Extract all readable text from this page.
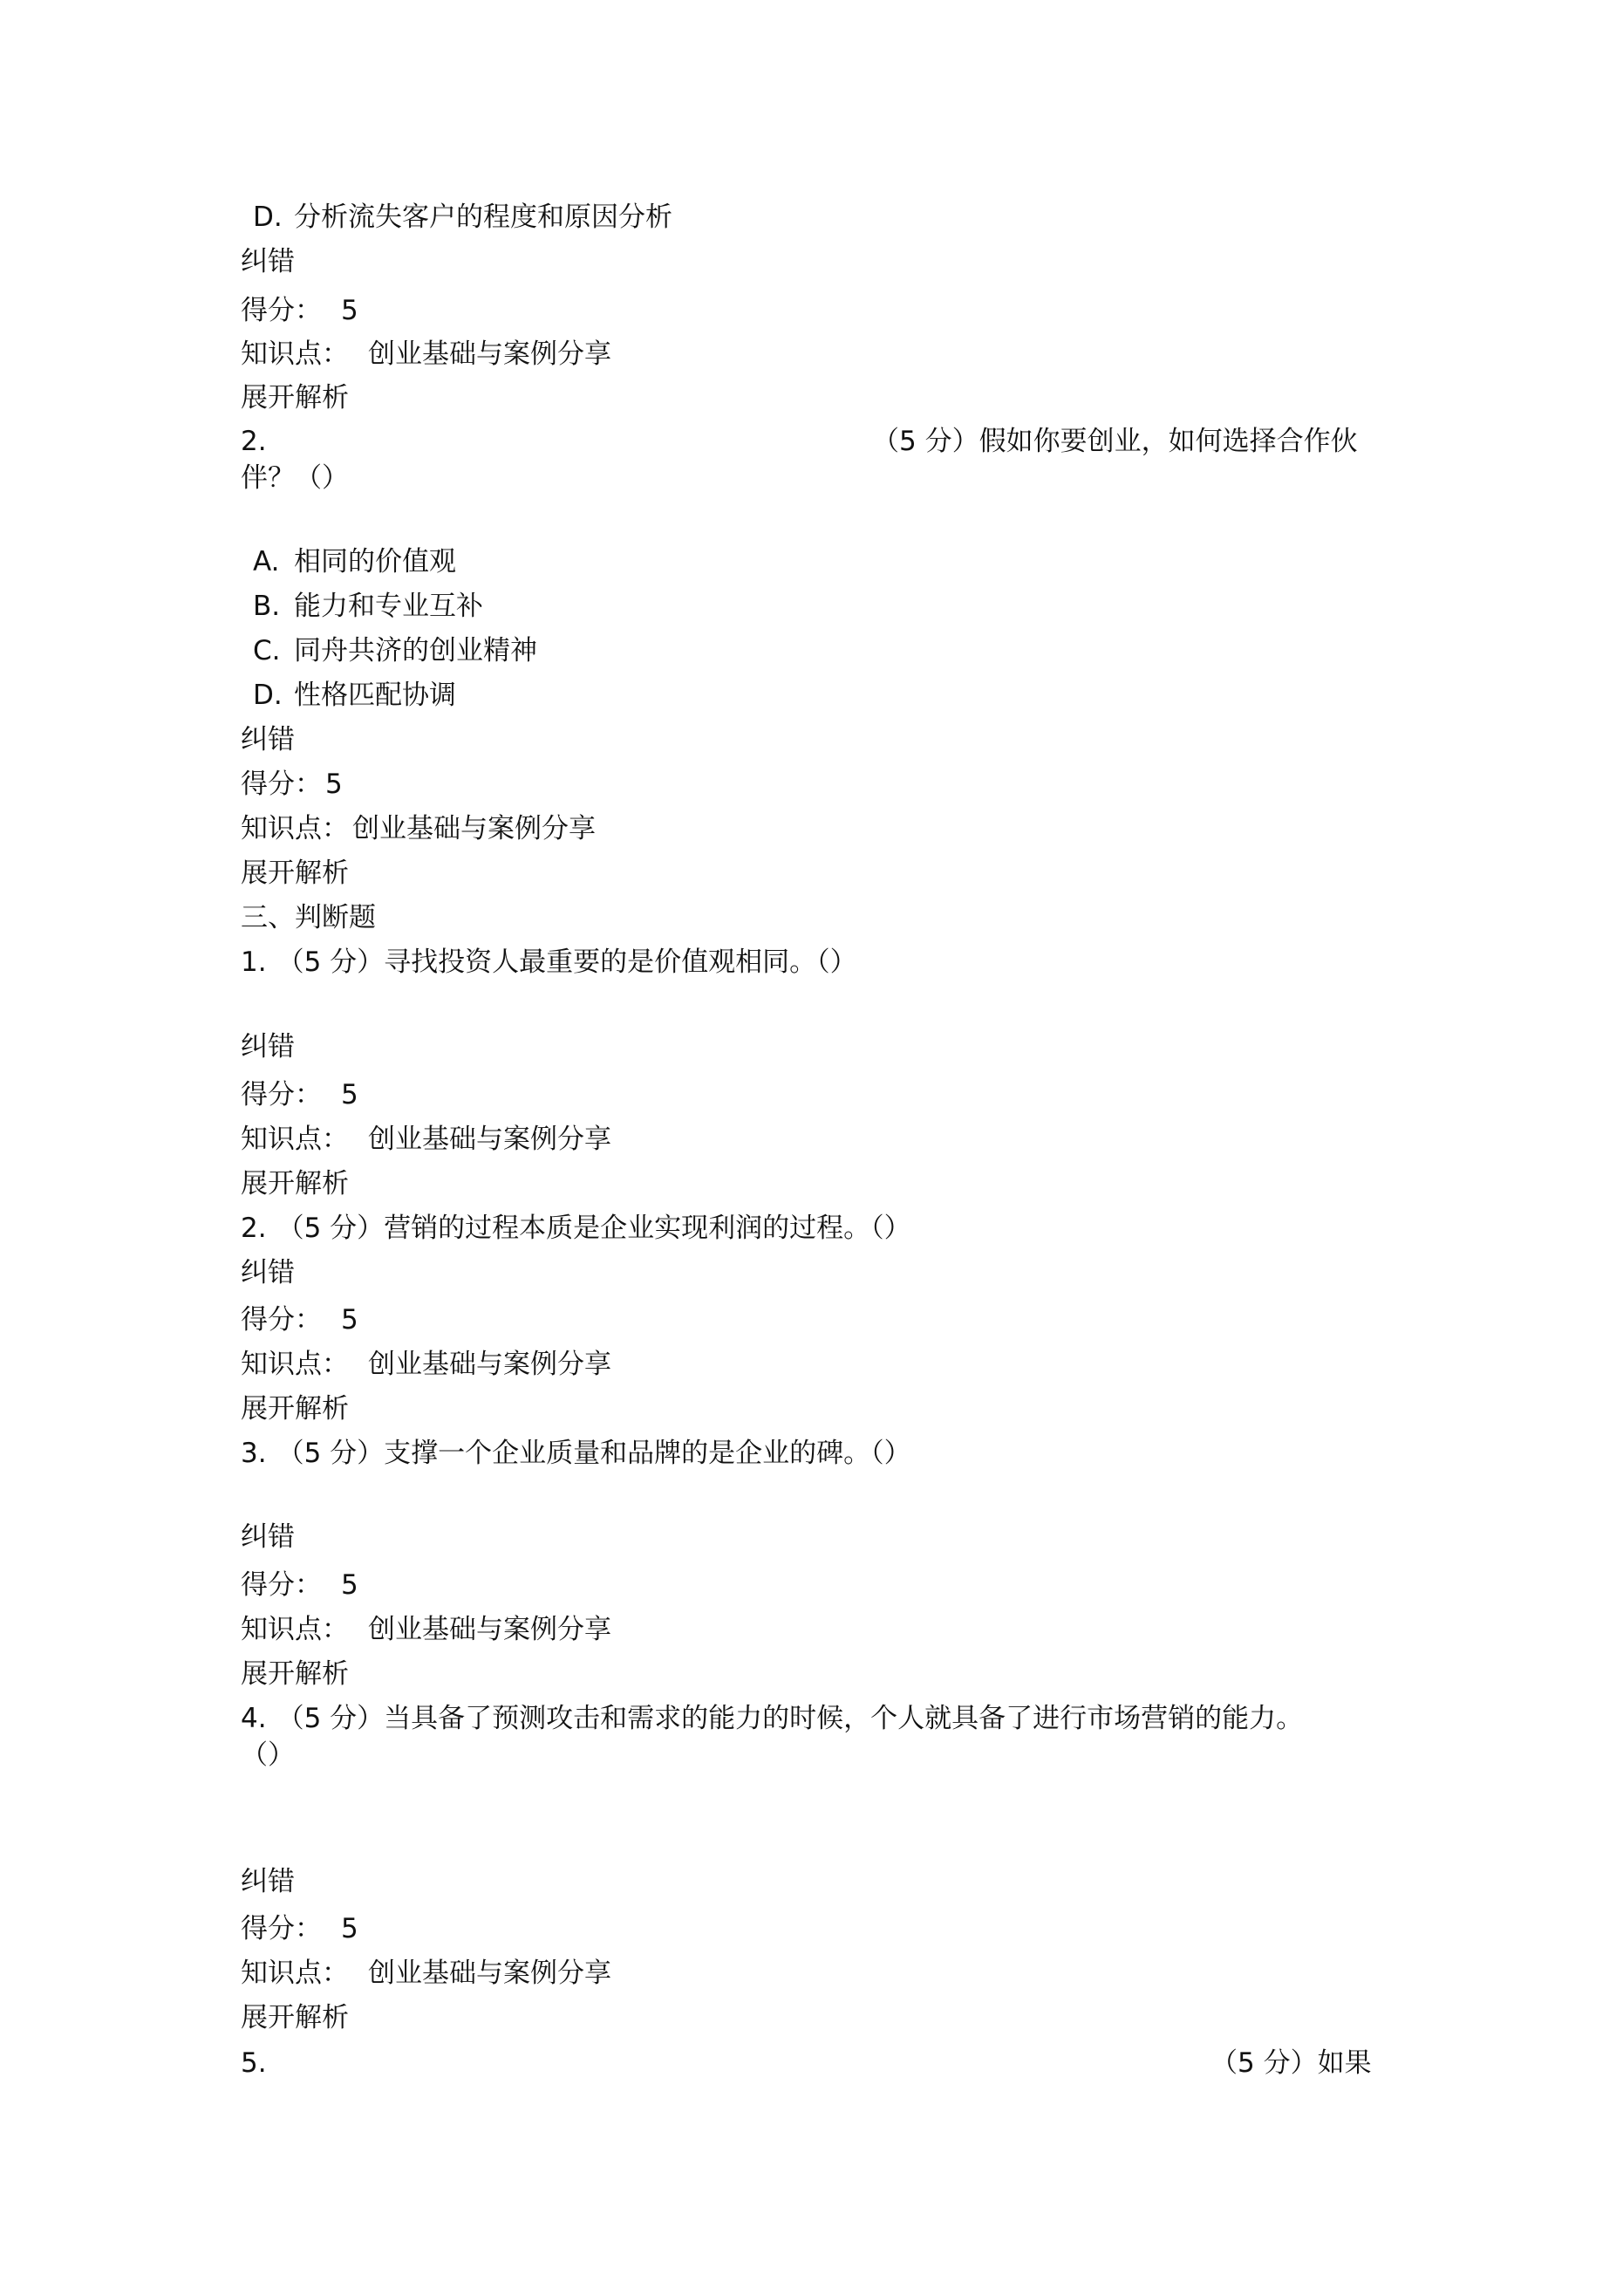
D. 分析流失客户的程度和原因分析
纠错
得分： 5
知识点： 创业基础与案例分享
展开解析
2.	（5 分）假如你要创业，如何选择合作伙
伴？（）
A. 相同的价值观
B. 能力和专业互补
C. 同舟共济的创业精神
D. 性格匹配协调
纠错
得分： 5
知识点： 创业基础与案例分享
展开解析
三、判断题
1. （5 分）寻找投资人最重要的是价值观相同。（）
纠错
得分： 5
知识点： 创业基础与案例分享
展开解析
2. （5 分）营销的过程本质是企业实现利润的过程。（）
纠错
得分： 5
知识点： 创业基础与案例分享
展开解析
3. （5 分）支撑一个企业质量和品牌的是企业的碑。（）
纠错
得分： 5
知识点： 创业基础与案例分享
展开解析
4. （5 分）当具备了预测攻击和需求的能力的时候，个人就具备了进行市场营销的能力。
（）
纠错
得分： 5
知识点： 创业基础与案例分享
展开解析
5.	（5 分）如果
